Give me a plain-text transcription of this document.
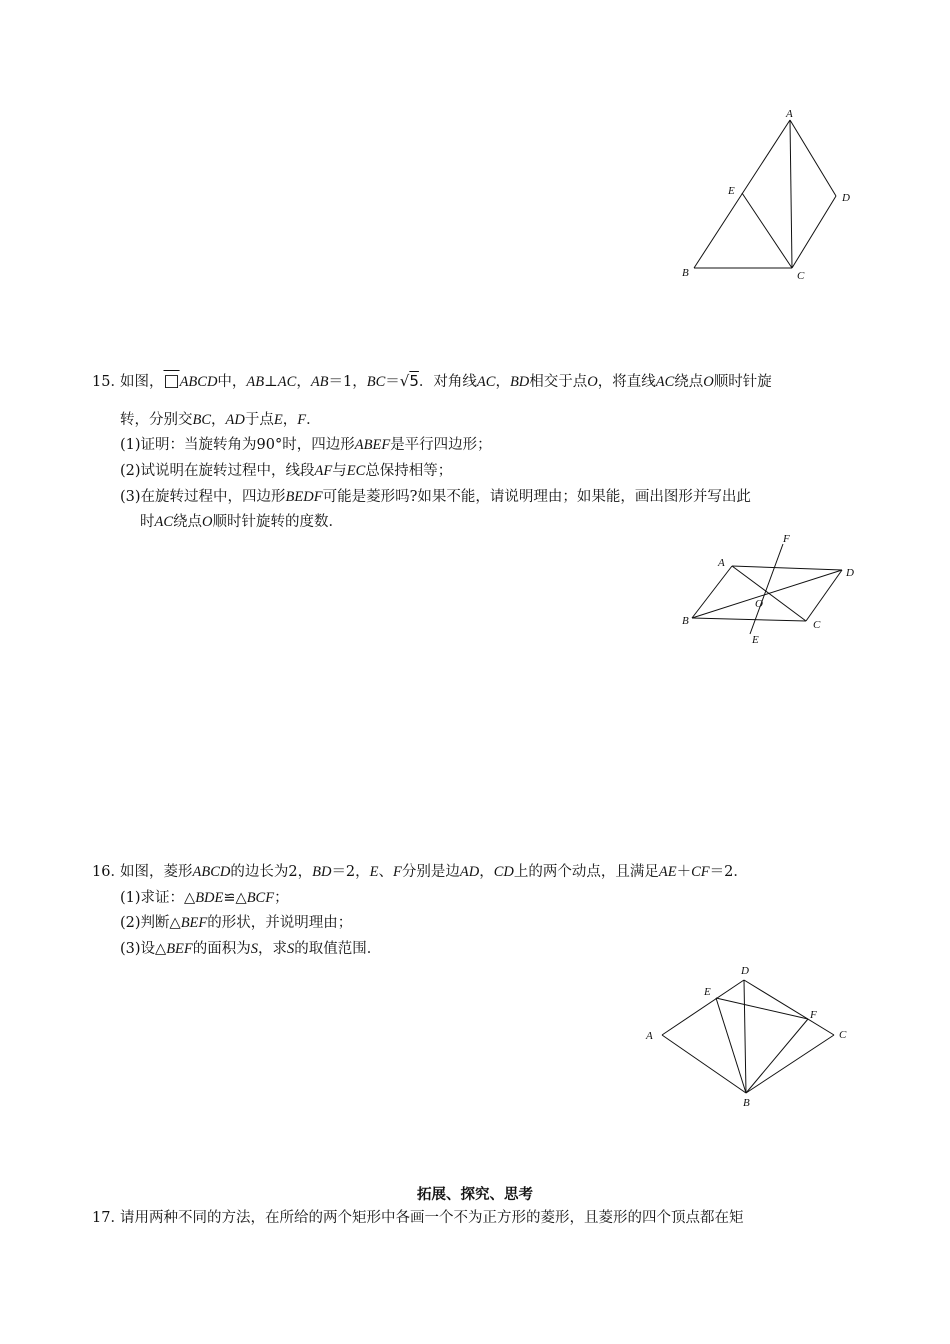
A
B	C
D
E
15．如图，□ABCD中，AB⊥AC，AB＝1，BC＝√5．对角线AC，BD相交于点O，将直线AC绕点O顺时针旋
转，分别交BC，AD于点E，F．
(1)证明：当旋转角为90°时，四边形ABEF是平行四边形；
(2)试说明在旋转过程中，线段AF与EC总保持相等；
(3)在旋转过程中，四边形BEDF可能是菱形吗?如果不能，请说明理由；如果能，画出图形并写出此
时AC绕点O顺时针旋转的度数．
A
B	C
D
E
F
O
16．如图，菱形ABCD的边长为2，BD＝2，E、F分别是边AD，CD上的两个动点，且满足AE＋CF＝2．
(1)求证：△BDE≌△BCF；
(2)判断△BEF的形状，并说明理由；
(3)设△BEF的面积为S，求S的取值范围．
D
E
F
A	C
B
拓展、探究、思考
17．请用两种不同的方法，在所给的两个矩形中各画一个不为正方形的菱形，且菱形的四个顶点都在矩
